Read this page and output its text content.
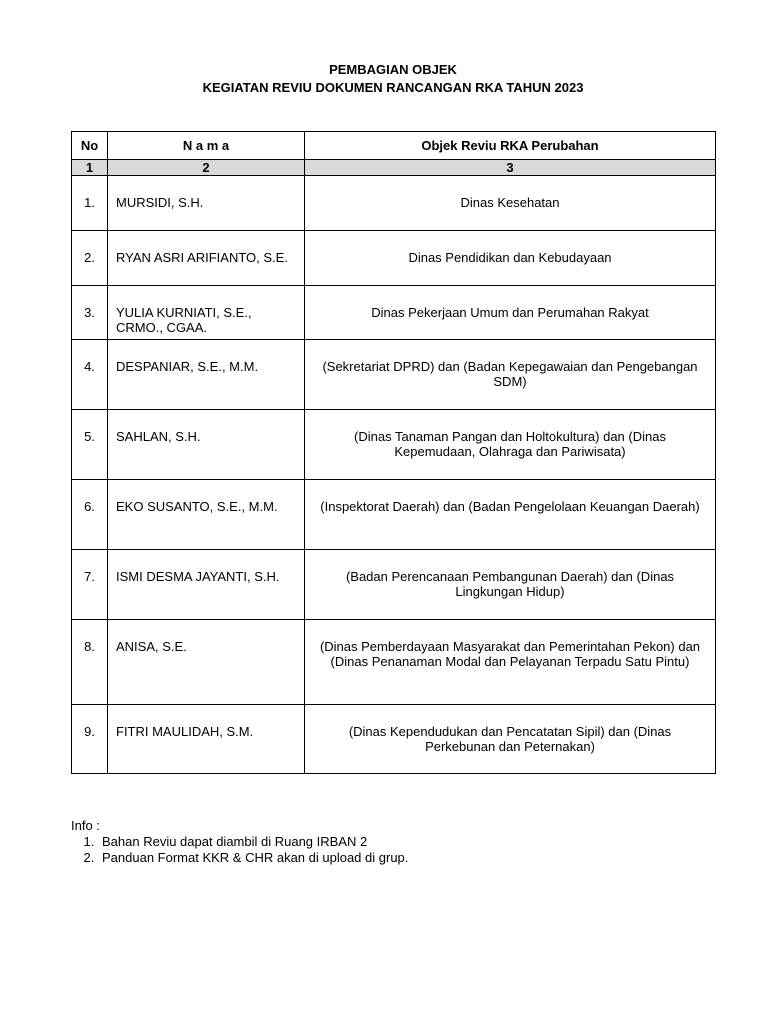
PEMBAGIAN OBJEK
KEGIATAN REVIU DOKUMEN RANCANGAN RKA TAHUN 2023
No	N a m a	Objek Reviu RKA Perubahan
1	2	3
1.	MURSIDI, S.H.	Dinas Kesehatan
2.	RYAN ASRI ARIFIANTO, S.E.	Dinas Pendidikan dan Kebudayaan
3.	YULIA KURNIATI, S.E., CRMO., CGAA.	Dinas Pekerjaan Umum dan Perumahan Rakyat
4.	DESPANIAR, S.E., M.M.	(Sekretariat DPRD) dan (Badan Kepegawaian dan Pengebangan SDM)
5.	SAHLAN, S.H.	(Dinas Tanaman Pangan dan Holtokultura) dan (Dinas Kepemudaan, Olahraga dan Pariwisata)
6.	EKO SUSANTO, S.E., M.M.	(Inspektorat Daerah) dan (Badan Pengelolaan Keuangan Daerah)
7.	ISMI DESMA JAYANTI, S.H.	(Badan Perencanaan Pembangunan Daerah) dan (Dinas Lingkungan Hidup)
8.	ANISA, S.E.	(Dinas Pemberdayaan Masyarakat dan Pemerintahan Pekon) dan (Dinas Penanaman Modal dan Pelayanan Terpadu Satu Pintu)
9.	FITRI MAULIDAH, S.M.	(Dinas Kependudukan dan Pencatatan Sipil) dan (Dinas Perkebunan dan Peternakan)
Info :
1. Bahan Reviu dapat diambil di Ruang IRBAN 2
2. Panduan Format KKR & CHR akan di upload di grup.
